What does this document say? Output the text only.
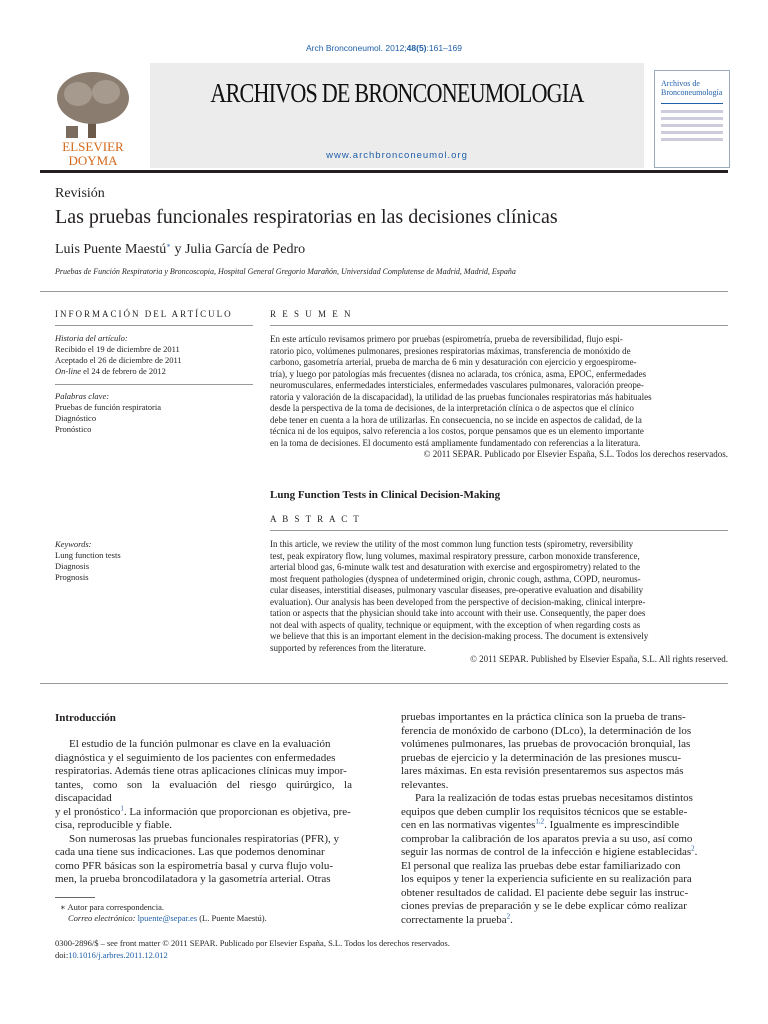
Arch Bronconeumol. 2012;48(5):161–169
ELSEVIER DOYMA
ARCHIVOS DE BRONCONEUMOLOGIA
www.archbronconeumol.org
Archivos de Bronconeumología
Revisión
Las pruebas funcionales respiratorias en las decisiones clínicas
Luis Puente Maestú∗ y Julia García de Pedro
Pruebas de Función Respiratoria y Broncoscopia, Hospital General Gregorio Marañón, Universidad Complutense de Madrid, Madrid, España
INFORMACIÓN DEL ARTÍCULO
Historia del artículo:
Recibido el 19 de diciembre de 2011
Aceptado el 26 de diciembre de 2011
On-line el 24 de febrero de 2012
Palabras clave:
Pruebas de función respiratoria
Diagnóstico
Pronóstico
Keywords:
Lung function tests
Diagnosis
Prognosis
R E S U M E N
En este artículo revisamos primero por pruebas (espirometría, prueba de reversibilidad, flujo espi-
ratorio pico, volúmenes pulmonares, presiones respiratorias máximas, transferencia de monóxido de
carbono, gasometría arterial, prueba de marcha de 6 min y desaturación con ejercicio y ergoespirome-
tría), y luego por patologías más frecuentes (disnea no aclarada, tos crónica, asma, EPOC, enfermedades
neuromusculares, enfermedades intersticiales, enfermedades vasculares pulmonares, valoración preope-
ratoria y valoración de la discapacidad), la utilidad de las pruebas funcionales respiratorias más habituales
desde la perspectiva de la toma de decisiones, de la interpretación clínica o de aspectos que el clínico
debe tener en cuenta a la hora de utilizarlas. En consecuencia, no se incide en aspectos de calidad, de la
técnica ni de los equipos, salvo referencia a los costos, porque pensamos que es un elemento importante
en la toma de decisiones. El documento está ampliamente fundamentado con referencias a la literatura.
© 2011 SEPAR. Publicado por Elsevier España, S.L. Todos los derechos reservados.
Lung Function Tests in Clinical Decision-Making
A B S T R A C T
In this article, we review the utility of the most common lung function tests (spirometry, reversibility
test, peak expiratory flow, lung volumes, maximal respiratory pressure, carbon monoxide transference,
arterial blood gas, 6-minute walk test and desaturation with exercise and ergospirometry) related to the
most frequent pathologies (dyspnea of undetermined origin, chronic cough, asthma, COPD, neuromus-
cular diseases, interstitial diseases, pulmonary vascular diseases, pre-operative evaluation and disability
evaluation). Our analysis has been developed from the perspective of decision-making, clinical interpre-
tation or aspects that the physician should take into account with their use. Consequently, the paper does
not deal with aspects of quality, technique or equipment, with the exception of when regarding costs as
we believe that this is an important element in the decision-making process. The document is extensively
supported by references from the literature.
© 2011 SEPAR. Published by Elsevier España, S.L. All rights reserved.
Introducción
El estudio de la función pulmonar es clave en la evaluación
diagnóstica y el seguimiento de los pacientes con enfermedades
respiratorias. Además tiene otras aplicaciones clínicas muy impor-
tantes, como son la evaluación del riesgo quirúrgico, la discapacidad
y el pronóstico$^1$. La información que proporcionan es objetiva, pre-
cisa, reproducible y fiable.
Son numerosas las pruebas funcionales respiratorias (PFR), y
cada una tiene sus indicaciones. Las que podemos denominar
como PFR básicas son la espirometría basal y curva flujo volu-
men, la prueba broncodilatadora y la gasometría arterial. Otras
∗ Autor para correspondencia.
Correo electrónico: lpuente@separ.es (L. Puente Maestú).
pruebas importantes en la práctica clínica son la prueba de trans-
ferencia de monóxido de carbono (DLco), la determinación de los
volúmenes pulmonares, las pruebas de provocación bronquial, las
pruebas de ejercicio y la determinación de las presiones muscu-
lares máximas. En esta revisión presentaremos sus aspectos más
relevantes.
Para la realización de todas estas pruebas necesitamos distintos
equipos que deben cumplir los requisitos técnicos que se estable-
cen en las normativas vigentes$^{1,2}$. Igualmente es imprescindible
comprobar la calibración de los aparatos previa a su uso, así como
seguir las normas de control de la infección e higiene establecidas$^2$.
El personal que realiza las pruebas debe estar familiarizado con
los equipos y tener la experiencia suficiente en su realización para
obtener resultados de calidad. El paciente debe seguir las instruc-
ciones previas de preparación y se le debe explicar cómo realizar
correctamente la prueba$^2$.
0300-2896/$ – see front matter © 2011 SEPAR. Publicado por Elsevier España, S.L. Todos los derechos reservados.
doi:10.1016/j.arbres.2011.12.012
